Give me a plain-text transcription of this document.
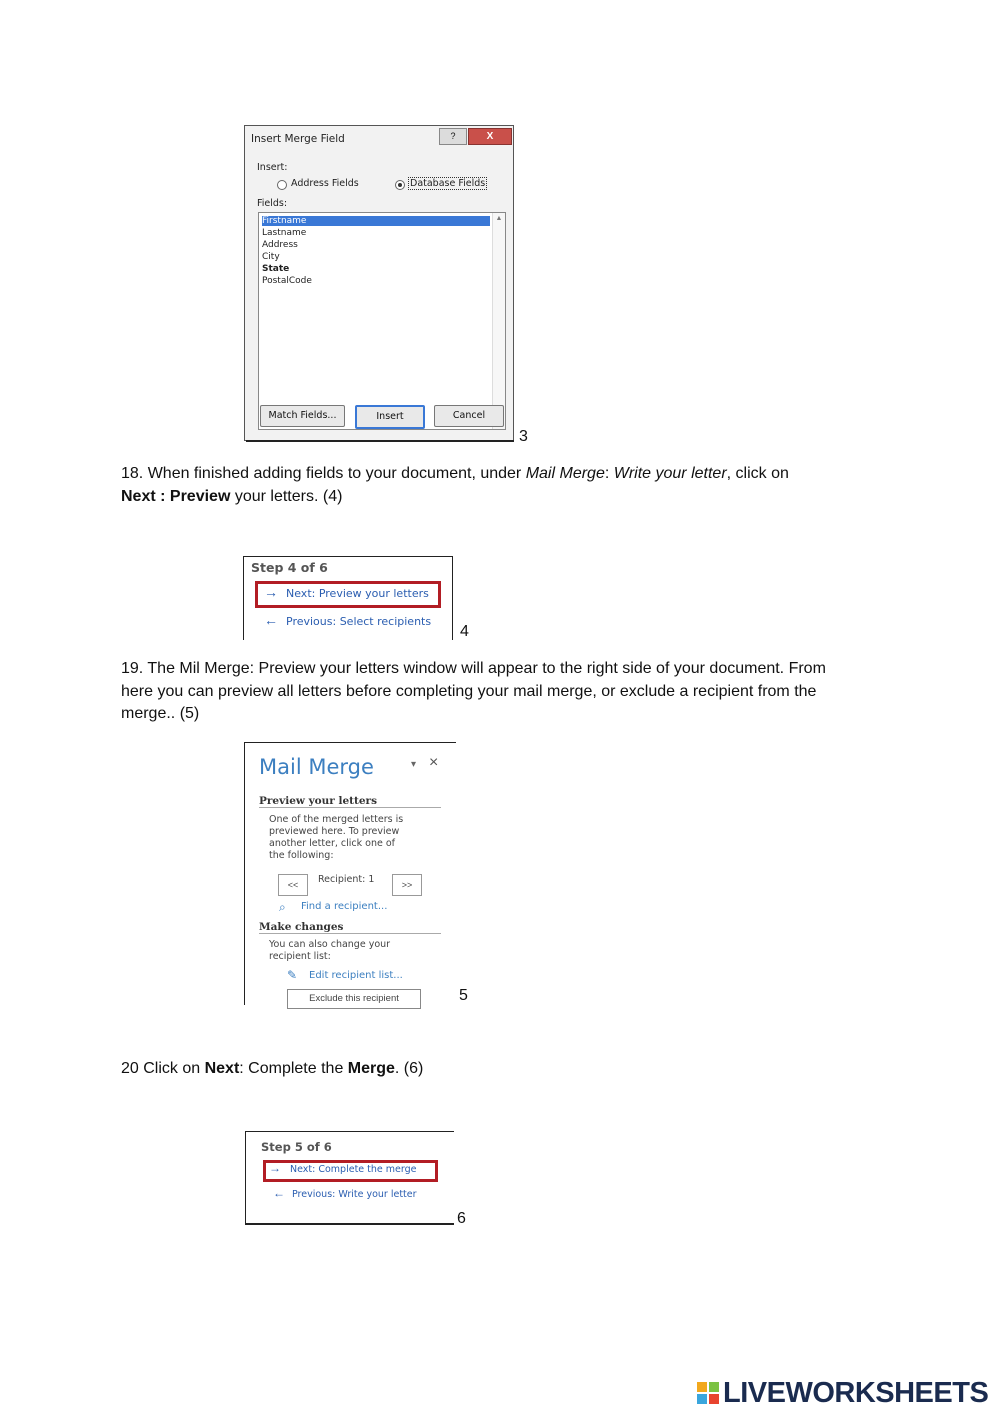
Insert Merge Field	?	X
Insert:
Address Fields	Database Fields
Fields:
Firstname
Lastname
Address
City
State
PostalCode
▲
Match Fields...	Insert	Cancel
3
18. When finished adding fields to your document, under Mail Merge: Write your letter, click on
Next : Preview your letters. (4)
Step 4 of 6
→ Next: Preview your letters
← Previous: Select recipients
4
19. The Mil Merge: Preview your letters window will appear to the right side of your document. From here you can preview all letters before completing your mail merge, or exclude a recipient from the merge.. (5)
Mail Merge	▾ ×
Preview your letters
One of the merged letters is
previewed here. To preview
another letter, click one of
the following:
<<	Recipient: 1	>>
⌕ Find a recipient...
Make changes
You can also change your
recipient list:
✎ Edit recipient list...
Exclude this recipient	5
20 Click on Next: Complete the Merge. (6)
Step 5 of 6
→ Next: Complete the merge
← Previous: Write your letter
6
LIVEWORKSHEETS
